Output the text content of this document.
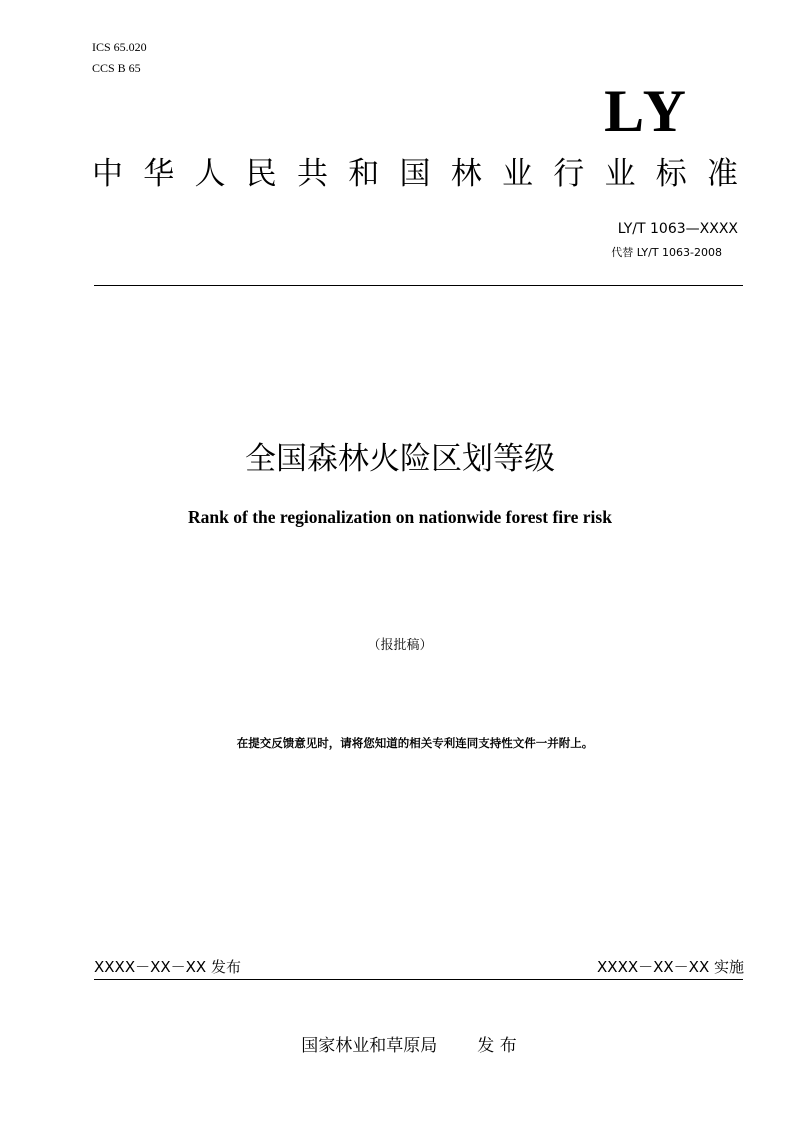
ICS 65.020
CCS B 65
LY
中 华 人 民 共 和 国 林 业 行 业 标 准
LY/T 1063—XXXX
代替 LY/T 1063-2008
全国森林火险区划等级
Rank of the regionalization on nationwide forest fire risk
（报批稿）
在提交反馈意见时，请将您知道的相关专利连同支持性文件一并附上。
XXXX－XX－XX 发布	XXXX－XX－XX 实施
国家林业和草原局 发 布
